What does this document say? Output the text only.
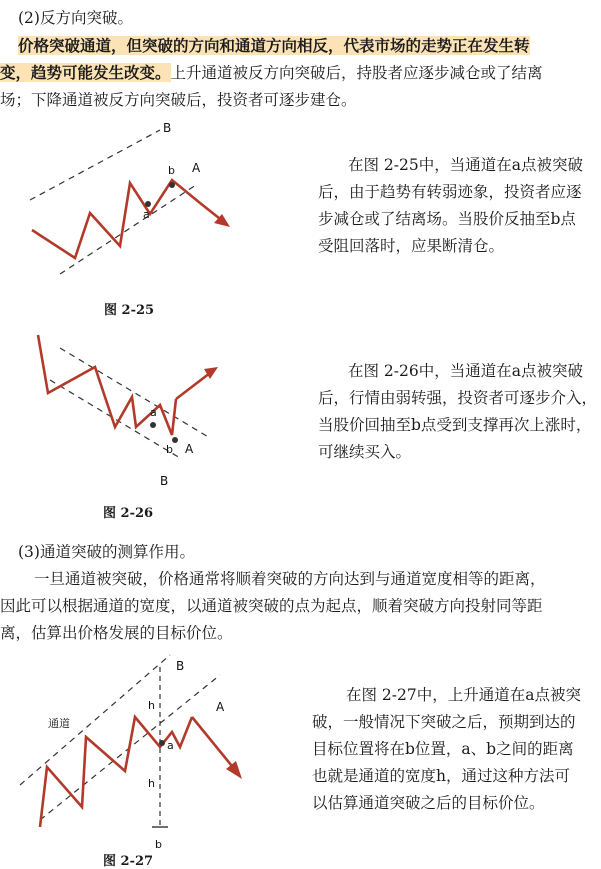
(2)反方向突破。
价格突破通道，但突破的方向和通道方向相反，代表市场的走势正在发生转
变，趋势可能发生改变。上升通道被反方向突破后，持股者应逐步减仓或了结离
场；下降通道被反方向突破后，投资者可逐步建仓。
B
A
a
b
图 2-25
在图 2-25中，当通道在a点被突破
后，由于趋势有转弱迹象，投资者应逐
步减仓或了结离场。当股价反抽至b点
受阻回落时，应果断清仓。
B
A
a
b
图 2-26
在图 2-26中，当通道在a点被突破
后，行情由弱转强，投资者可逐步介入，
当股价回抽至b点受到支撑再次上涨时，
可继续买入。
(3)通道突破的测算作用。
一旦通道被突破，价格通常将顺着突破的方向达到与通道宽度相等的距离，
因此可以根据通道的宽度，以通道被突破的点为起点，顺着突破方向投射同等距
离，估算出价格发展的目标价位。
B
A
a
b
h
h
通道
图 2-27
在图 2-27中，上升通道在a点被突
破，一般情况下突破之后，预期到达的
目标位置将在b位置，a、b之间的距离
也就是通道的宽度h，通过这种方法可
以估算通道突破之后的目标价位。
